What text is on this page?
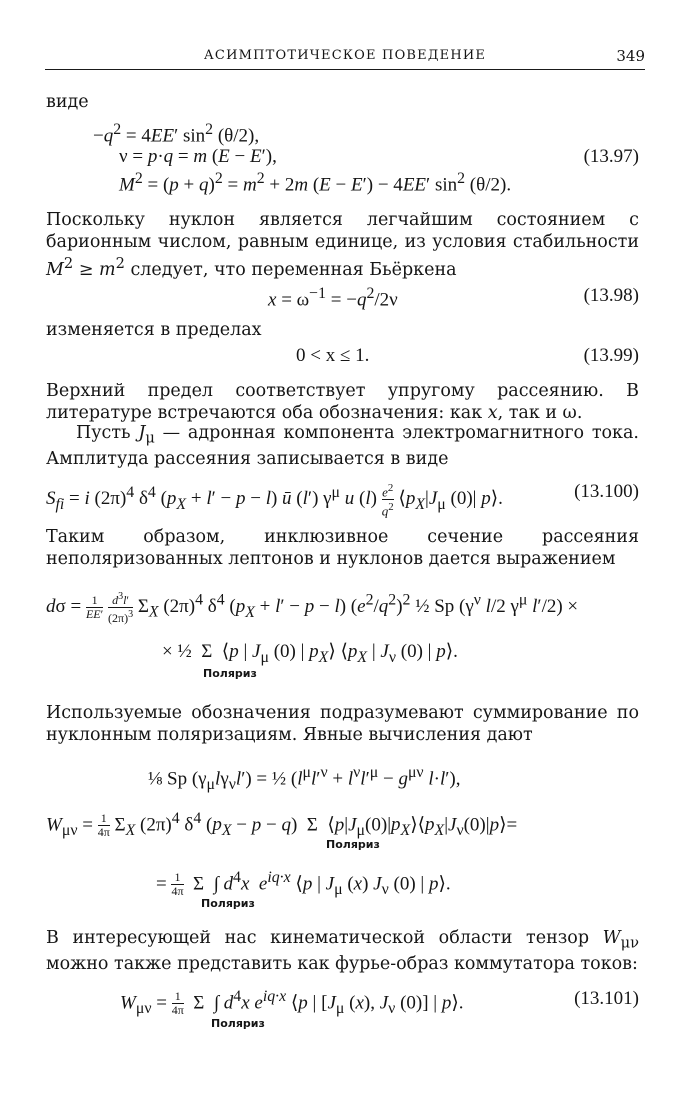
АСИМПТОТИЧЕСКОЕ ПОВЕДЕНИЕ	349
виде
$-q^2 = 4EE'$ $\sin^2 (\theta/2)$,
ν = p·q = m (E − E′),
$M^2 = (p + q)^2 = m^2 + 2m$ (E − E′) − 4EE′ $\sin^2 (\theta/2)$.
(13.97)
Поскольку нуклон является легчайшим состоянием с барионным числом, равным единице, из условия стабильности $M^2 \ge m^2$ следует, что переменная Бьёркена
$x = \omega^{-1} = -q^2/2\nu$	(13.98)
изменяется в пределах
0 < x ≤ 1.	(13.99)
Верхний предел соответствует упругому рассеянию. В литературе встречаются оба обозначения: как x, так и ω.
Пусть $J_\mu$ — адронная компонента электромагнитного тока. Амплитуда рассеяния записывается в виде
$S_{fi} = i$ $(2\pi)^4$ $\delta^4$ $(p_X + l' - p - l)$ ū (l′) $\gamma^\mu$ u (l) $e^2$

$q^2$ $⟨p_X|J_\mu$ (0)| p⟩.	(13.100)
Таким образом, инклюзивное сечение рассеяния неполяризованных лептонов и нуклонов дается выражением
dσ = 1

EE′
$d^3l'$

$(2\pi)^3$ $\Sigma_X$ $(2\pi)^4$ $\delta^4$ $(p_X + l' - p - l)$ $(e^2/q^2)^2$ ½ Sp ($\gamma^\nu$ l/2 $\gamma^\mu$ l′/2) ×
× ½  Σ  ⟨p | $J_\mu$ (0) | $p_X⟩$ $⟨p_X$ | $J_\nu$ (0) | p⟩.
Поляриз
Используемые обозначения подразумевают суммирование по нуклонным поляризациям. Явные вычисления дают
⅛ Sp $(\gamma_\mu l\gamma_\nu l')$ = ½ ($l^\mu l'^\nu + l^\nu l'^\mu - g^{\mu\nu}$ l·l′),
$W_{\mu\nu} = 1$

4π $\Sigma_X$ $(2\pi)^4$ $\delta^4$ $(p_X - p - q)$  Σ  $⟨p|J_\mu(0)|p_X⟩⟨p_X|J_\nu(0)|p⟩=$
Поляриз
= 1

4π Σ  ∫ $d^4x$ $e^{iq\cdot x}$ ⟨p | $J_\mu$ (x) $J_\nu$ (0) | p⟩.
Поляриз
В интересующей нас кинематической области тензор $W_{\mu\nu}$ можно также представить как фурье-образ коммутатора токов:
$W_{\mu\nu} = 1$

4π Σ  ∫ $d^4x$ $e^{iq\cdot x}$ ⟨p | [$J_\mu$ (x), $J_\nu$ (0)] | p⟩.	(13.101)
Поляриз
